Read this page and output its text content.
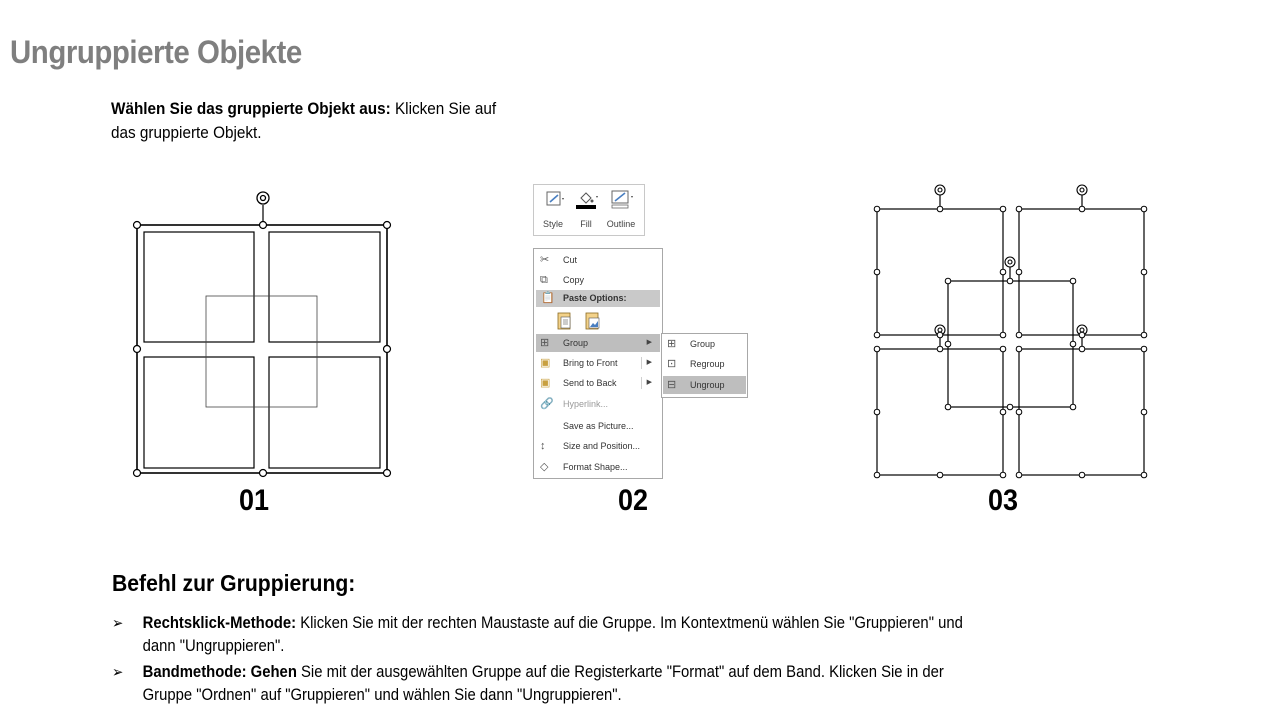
Ungruppierte Objekte
Wählen Sie das gruppierte Objekt aus: Klicken Sie auf das gruppierte Objekt.
01
Style	Fill	Outline
✂	Cut
⧉	Copy
📋 Paste Options:
⊞	Group	▶
▣ Bring to Front	▶
▣ Send to Back	▶
🔗 Hyperlink...
Save as Picture...
↕	Size and Position...
◇	Format Shape...
⊞	Group
⊡	Regroup
⊟	Ungroup
02	03
Befehl zur Gruppierung:
➢ Rechtsklick-Methode: Klicken Sie mit der rechten Maustaste auf die Gruppe. Im Kontextmenü wählen Sie "Gruppieren" und dann "Ungruppieren".
➢ Bandmethode: Gehen Sie mit der ausgewählten Gruppe auf die Registerkarte "Format" auf dem Band. Klicken Sie in der Gruppe "Ordnen" auf "Gruppieren" und wählen Sie dann "Ungruppieren".
